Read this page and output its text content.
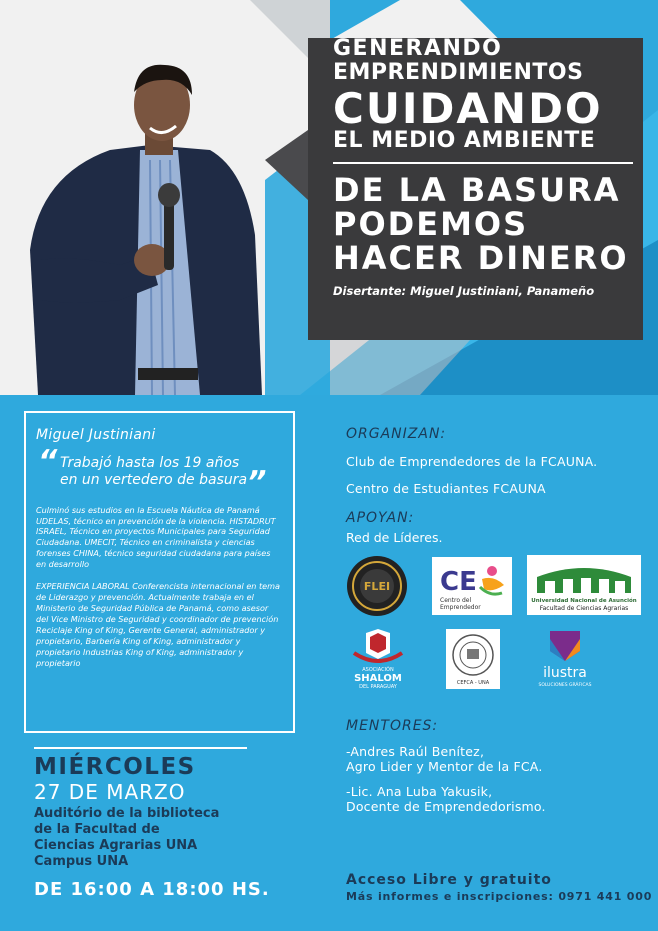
GENERANDO
EMPRENDIMIENTOS
CUIDANDO
EL MEDIO AMBIENTE
DE LA BASURA
PODEMOS
HACER DINERO
Disertante: Miguel Justiniani, Panameño
Miguel Justiniani
“ Trabajó hasta los 19 años
en un vertedero de basura”

Culminó sus estudios en la Escuela Náutica de Panamá UDELAS, técnico en prevención de la violencia. HISTADRUT ISRAEL, Técnico en proyectos Municipales para Seguridad Ciudadana. UMECIT, Técnico en criminalista y ciencias forenses CHINA, técnico seguridad ciudadana para países en desarrollo

EXPERIENCIA LABORAL Conferencista internacional en tema de Liderazgo y prevención. Actualmente trabaja en el Ministerio de Seguridad Pública de Panamá, como asesor del Vice Ministro de Seguridad y coordinador de prevención Reciclaje King of King, Gerente General, administrador y propietario, Barbería King of King, administrador y propietario Industrias King of King, administrador y propietario

MIÉRCOLES
27 DE MARZO
Auditório de la biblioteca
de la Facultad de
Ciencias Agrarias UNA
Campus UNA
DE 16:00 A 18:00 HS.
ORGANIZAN:
Club de Emprendedores de la FCAUNA.
Centro de Estudiantes FCAUNA
APOYAN:
Red de Líderes.
FLEI CE
Centro del
Emprendedor
Universidad Nacional de Asunción
Facultad de Ciencias Agrarias
ASOCIACIÓN
SHALOM
DEL PARAGUAY
CEFCA - UNA
ilustra
SOLUCIONES GRÁFICAS
MENTORES:
-Andres Raúl Benítez,
Agro Lider y Mentor de la FCA.
-Lic. Ana Luba Yakusik,
Docente de Emprendedorismo.
Acceso Libre y gratuito
Más informes e inscripciones: 0971 441 000
